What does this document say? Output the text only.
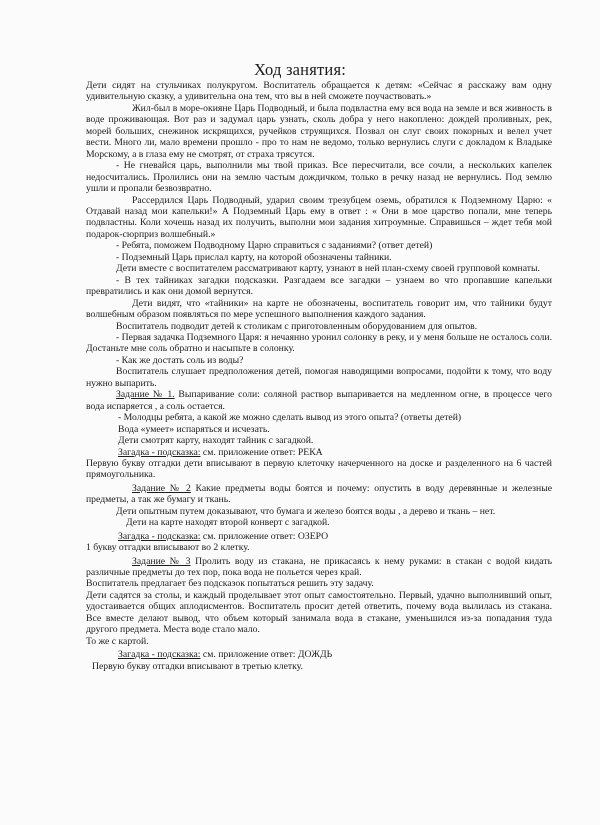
Ход занятия:

Дети сидят на стульчиках полукругом. Воспитатель обращается к детям: «Сейчас я расскажу вам одну удивительную сказку, а удивительна она тем, что вы в ней сможете поучаствовать.»

Жил-был в море-окияне Царь Подводный, и была подвластна ему вся вода на земле и вся живность в воде проживающая. Вот раз и задумал царь узнать, сколь добра у него накоплено: дождей проливных, рек, морей больших, снежинок искрящихся, ручейков струящихся. Позвал он слуг своих покорных и велел учет вести. Много ли, мало времени прошло - про то нам не ведомо, только вернулись слуги с докладом к Владыке Морскому, а в глаза ему не смотрят, от страха трясутся.

- Не гневайся царь, выполнили мы твой приказ. Все пересчитали, все сочли, а нескольких капелек недосчитались. Пролились они на землю частым дождичком, только в речку назад не вернулись. Под землю ушли и пропали безвозвратно.

Рассердился Царь Подводный, ударил своим трезубцем оземь, обратился к Подземному Царю: « Отдавай назад мои капельки!» А Подземный Царь ему в ответ : « Они в мое царство попали, мне теперь подвластны. Коли хочешь назад их получить, выполни мои задания хитроумные. Справишься – ждет тебя мой подарок-сюрприз волшебный.»

- Ребята, поможем Подводному Царю справиться с заданиями? (ответ детей)

- Подземный Царь прислал карту, на которой обозначены тайники.

Дети вместе с воспитателем рассматривают карту, узнают в ней план-схему своей групповой комнаты.

- В тех тайниках загадки подсказки. Разгадаем все загадки – узнаем во что пропавшие капельки превратились и как они домой вернутся.

Дети видят, что «тайники» на карте не обозначены, воспитатель говорит им, что тайники будут волшебным образом появляться по мере успешного выполнения каждого задания.

Воспитатель подводит детей к столикам с приготовленным оборудованием для опытов.

- Первая задачка Подземного Царя: я нечаянно уронил солонку в реку, и у меня больше не осталось соли. Достаньте мне соль обратно и насыпьте в солонку.

- Как же достать соль из воды?

Воспитатель слушает предположения детей, помогая наводящими вопросами, подойти к тому, что воду нужно выпарить.

Задание № 1. Выпаривание соли: соляной раствор выпаривается на медленном огне, в процессе чего вода испаряется , а соль остается.

- Молодцы ребята, а какой же можно сделать вывод из этого опыта? (ответы детей)

Вода «умеет» испаряться и исчезать.

Дети смотрят карту, находят тайник с загадкой.

Загадка - подсказка: см. приложение ответ: РЕКА

Первую букву отгадки дети вписывают в первую клеточку начерченного на доске и разделенного на 6 частей прямоугольника.

Задание № 2 Какие предметы воды боятся и почему: опустить в воду деревянные и железные предметы, а так же бумагу и ткань.

Дети опытным путем доказывают, что бумага и железо боятся воды , а дерево и ткань – нет.

Дети на карте находят второй конверт с загадкой.

Загадка - подсказка: см. приложение ответ: ОЗЕРО

1 букву отгадки вписывают во 2 клетку.

Задание № 3 Пролить воду из стакана, не прикасаясь к нему руками: в стакан с водой кидать различные предметы до тех пор, пока вода не польется через край.

Воспитатель предлагает без подсказок попытаться решить эту задачу.

Дети садятся за столы, и каждый проделывает этот опыт самостоятельно. Первый, удачно выполнивший опыт, удостаивается общих аплодисментов. Воспитатель просит детей ответить, почему вода вылилась из стакана. Все вместе делают вывод, что объем который занимала вода в стакане, уменьшился из-за попадания туда другого предмета. Места воде стало мало.

То же с картой.

Загадка - подсказка: см. приложение ответ: ДОЖДЬ

Первую букву отгадки вписывают в третью клетку.
